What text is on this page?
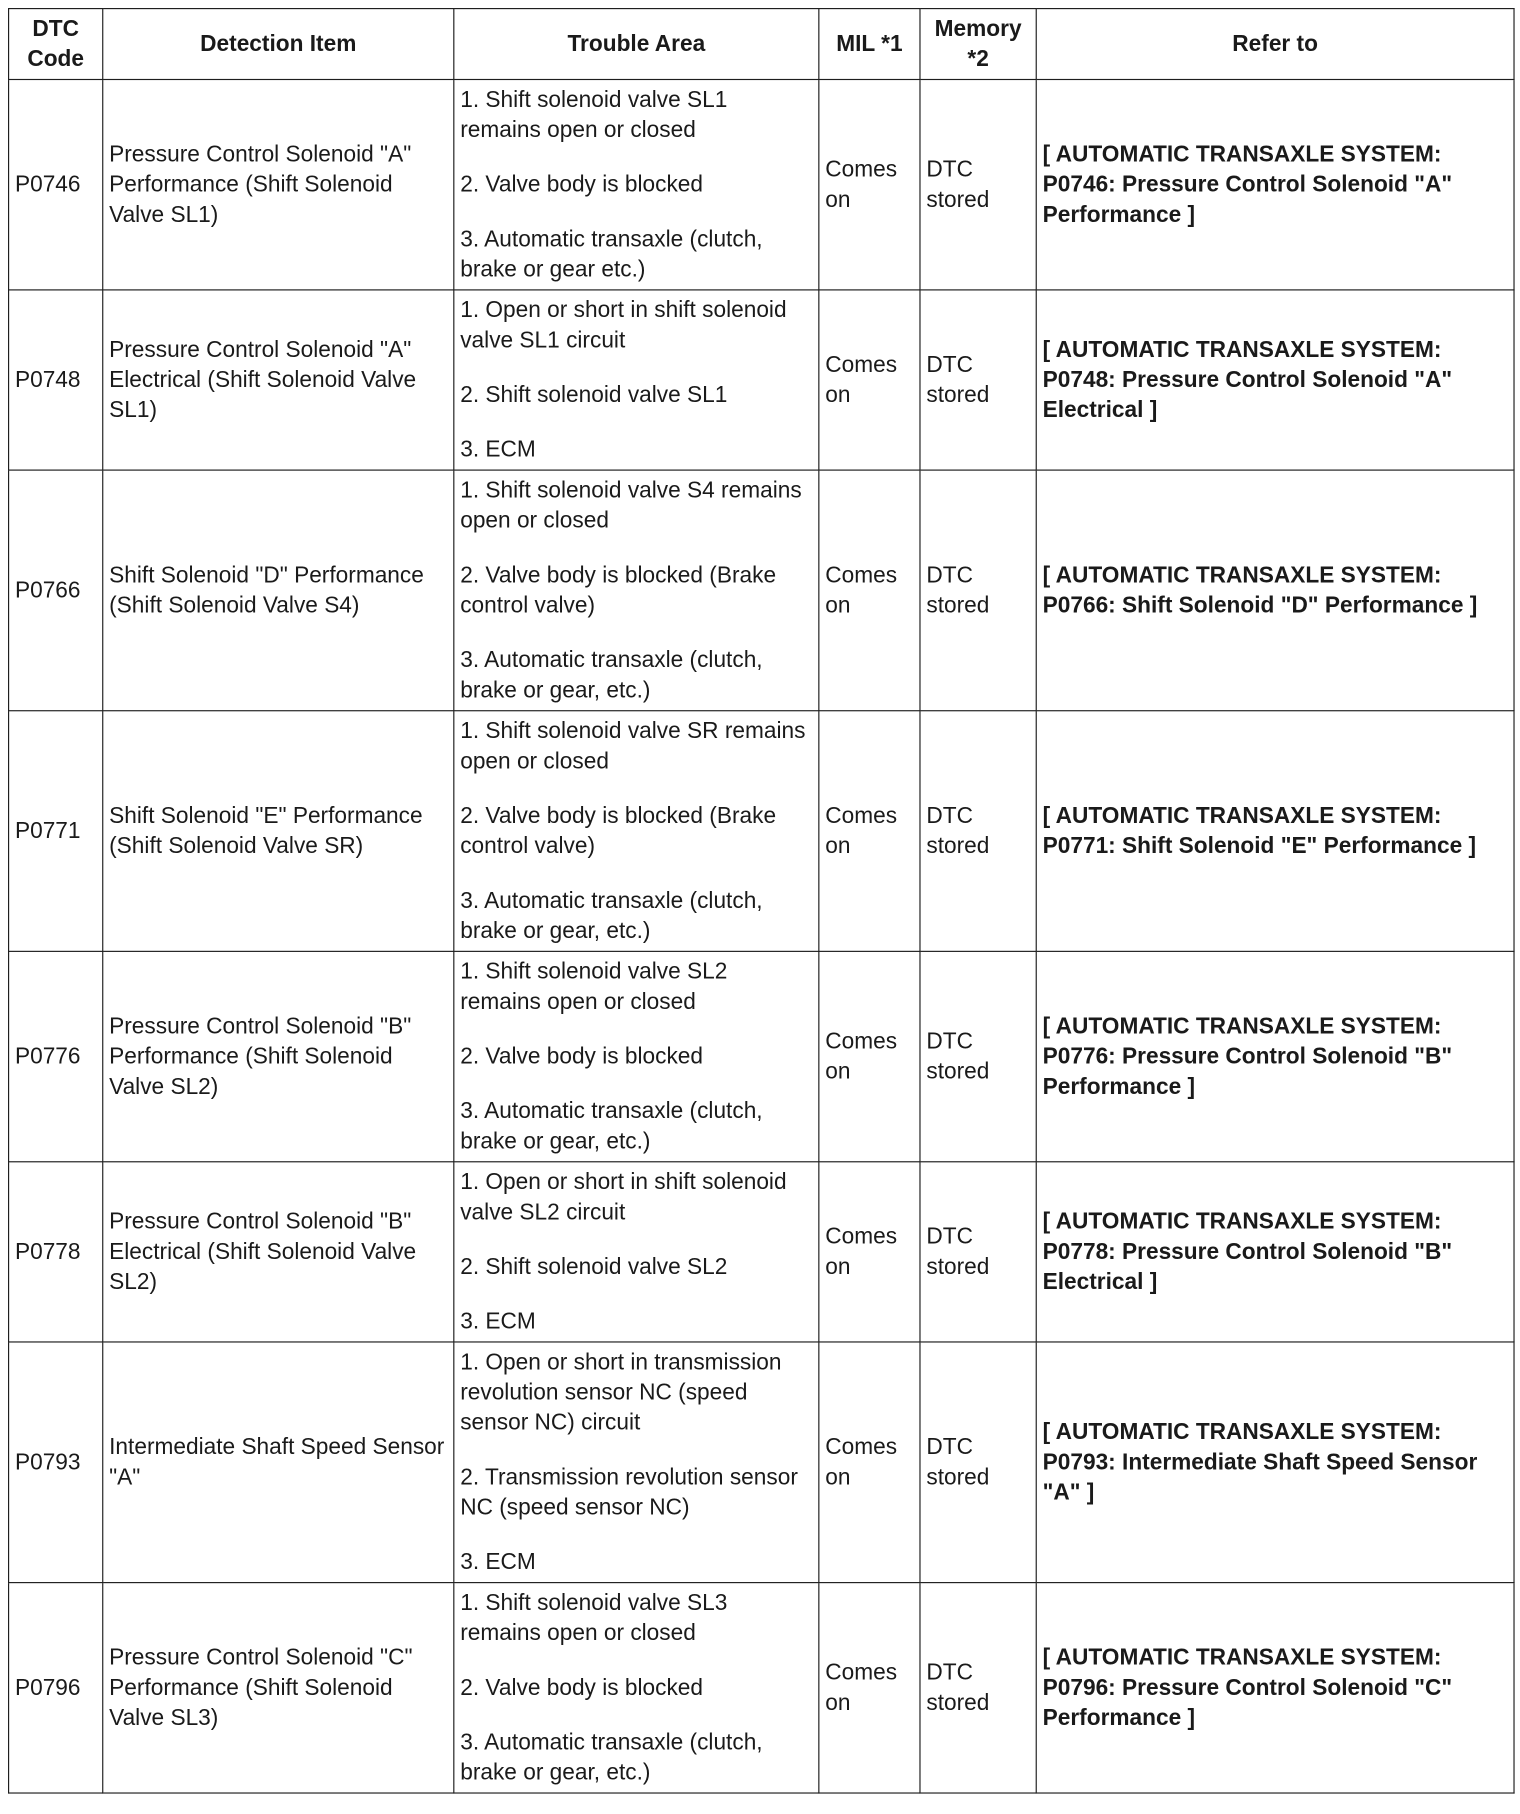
DTC Code	Detection Item	Trouble Area	MIL *1	Memory *2	Refer to
P0746	Pressure Control Solenoid "A" Performance (Shift Solenoid Valve SL1)	1. Shift solenoid valve SL1 remains open or closed
2. Valve body is blocked
3. Automatic transaxle (clutch, brake or gear etc.)	Comes on	DTC stored	[ AUTOMATIC TRANSAXLE SYSTEM: P0746: Pressure Control Solenoid "A" Performance ]
P0748	Pressure Control Solenoid "A" Electrical (Shift Solenoid Valve SL1)	1. Open or short in shift solenoid valve SL1 circuit
2. Shift solenoid valve SL1
3. ECM	Comes on	DTC stored	[ AUTOMATIC TRANSAXLE SYSTEM: P0748: Pressure Control Solenoid "A" Electrical ]
P0766	Shift Solenoid "D" Performance (Shift Solenoid Valve S4)	1. Shift solenoid valve S4 remains open or closed
2. Valve body is blocked (Brake control valve)
3. Automatic transaxle (clutch, brake or gear, etc.)	Comes on	DTC stored	[ AUTOMATIC TRANSAXLE SYSTEM: P0766: Shift Solenoid "D" Performance ]
P0771	Shift Solenoid "E" Performance (Shift Solenoid Valve SR)	1. Shift solenoid valve SR remains open or closed
2. Valve body is blocked (Brake control valve)
3. Automatic transaxle (clutch, brake or gear, etc.)	Comes on	DTC stored	[ AUTOMATIC TRANSAXLE SYSTEM: P0771: Shift Solenoid "E" Performance ]
P0776	Pressure Control Solenoid "B" Performance (Shift Solenoid Valve SL2)	1. Shift solenoid valve SL2 remains open or closed
2. Valve body is blocked
3. Automatic transaxle (clutch, brake or gear, etc.)	Comes on	DTC stored	[ AUTOMATIC TRANSAXLE SYSTEM: P0776: Pressure Control Solenoid "B" Performance ]
P0778	Pressure Control Solenoid "B" Electrical (Shift Solenoid Valve SL2)	1. Open or short in shift solenoid valve SL2 circuit
2. Shift solenoid valve SL2
3. ECM	Comes on	DTC stored	[ AUTOMATIC TRANSAXLE SYSTEM: P0778: Pressure Control Solenoid "B" Electrical ]
P0793	Intermediate Shaft Speed Sensor "A"	1. Open or short in transmission revolution sensor NC (speed sensor NC) circuit
2. Transmission revolution sensor NC (speed sensor NC)
3. ECM	Comes on	DTC stored	[ AUTOMATIC TRANSAXLE SYSTEM: P0793: Intermediate Shaft Speed Sensor "A" ]
P0796	Pressure Control Solenoid "C" Performance (Shift Solenoid Valve SL3)	1. Shift solenoid valve SL3 remains open or closed
2. Valve body is blocked
3. Automatic transaxle (clutch, brake or gear, etc.)	Comes on	DTC stored	[ AUTOMATIC TRANSAXLE SYSTEM: P0796: Pressure Control Solenoid "C" Performance ]
